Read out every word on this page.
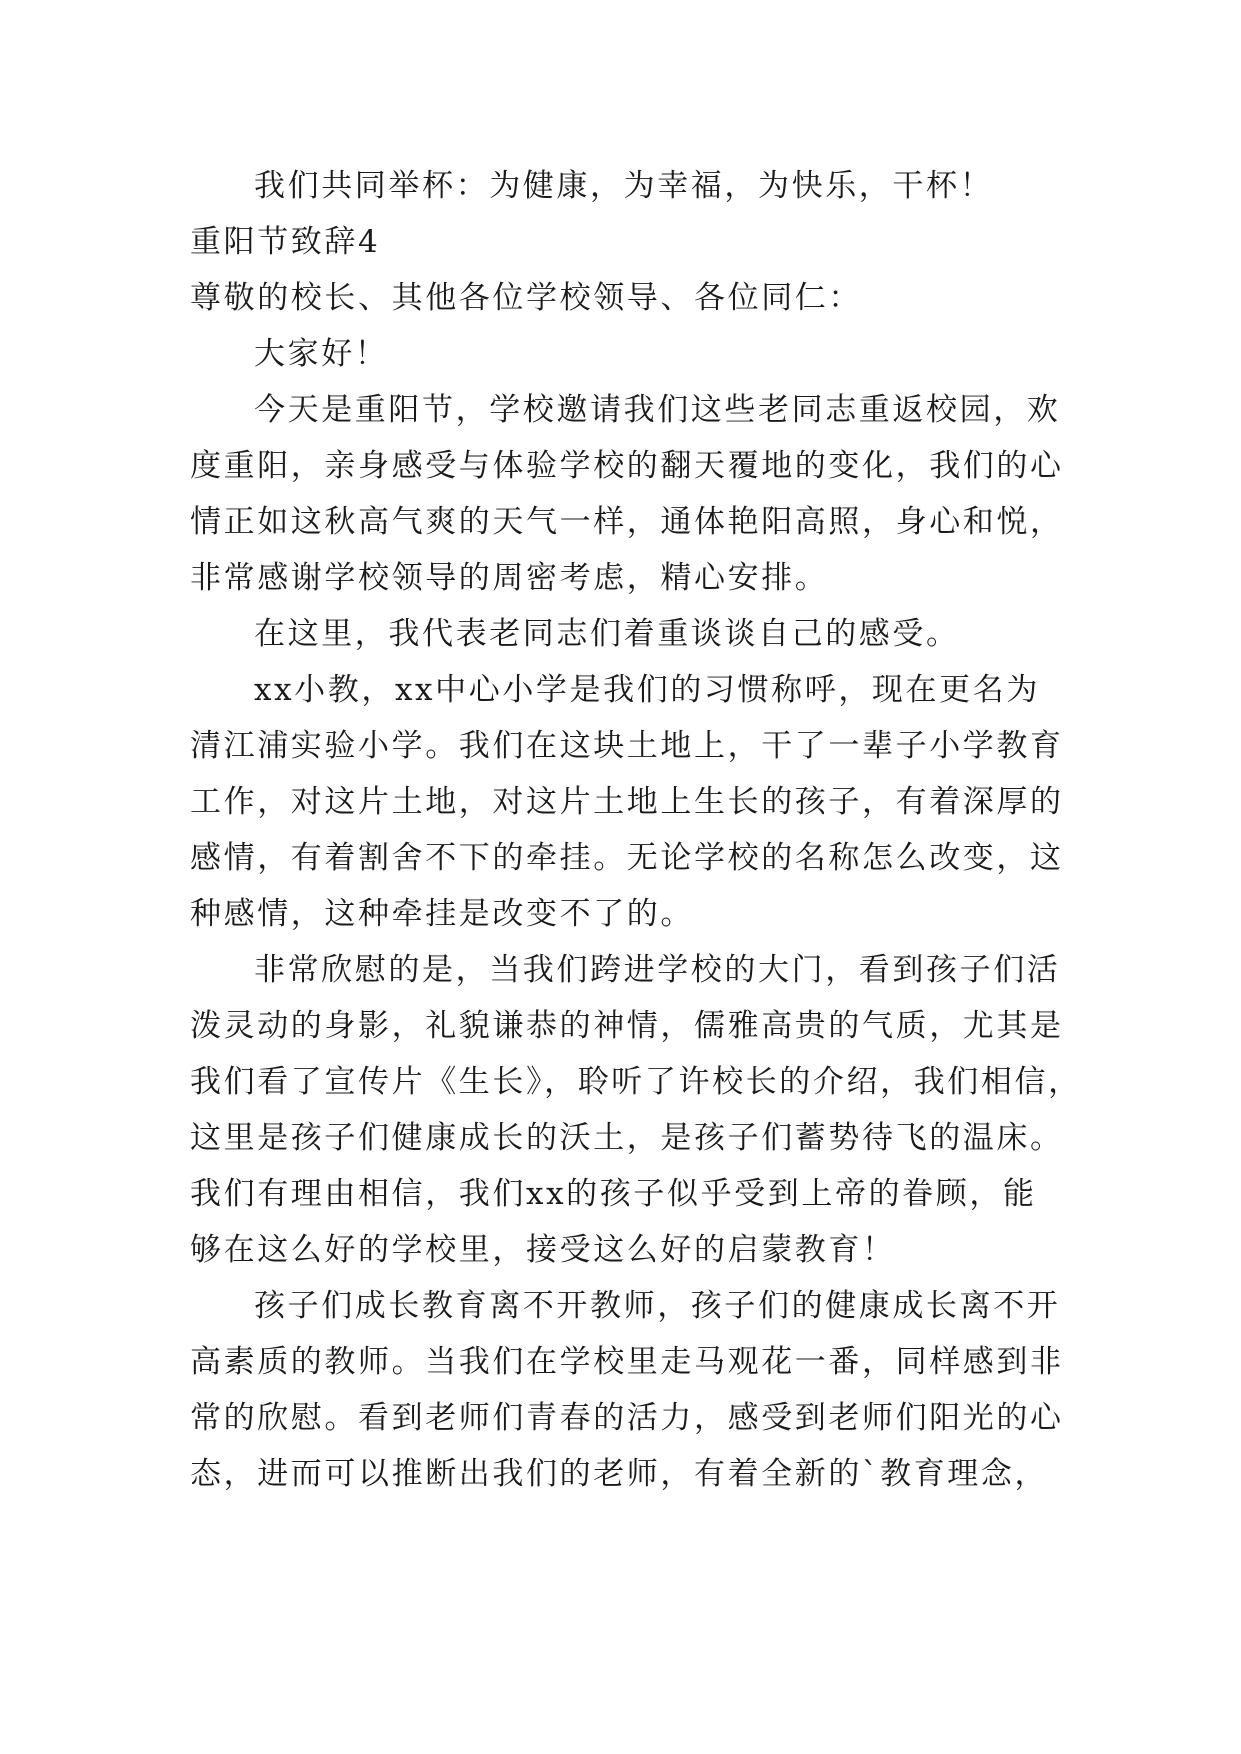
我们共同举杯：为健康，为幸福，为快乐，干杯！
重阳节致辞4
尊敬的校长、其他各位学校领导、各位同仁：
大家好！
今天是重阳节，学校邀请我们这些老同志重返校园，欢
度重阳，亲身感受与体验学校的翻天覆地的变化，我们的心
情正如这秋高气爽的天气一样，通体艳阳高照，身心和悦，
非常感谢学校领导的周密考虑，精心安排。
在这里，我代表老同志们着重谈谈自己的感受。
xx小教，xx中心小学是我们的习惯称呼，现在更名为
清江浦实验小学。我们在这块土地上，干了一辈子小学教育
工作，对这片土地，对这片土地上生长的孩子，有着深厚的
感情，有着割舍不下的牵挂。无论学校的名称怎么改变，这
种感情，这种牵挂是改变不了的。
非常欣慰的是，当我们跨进学校的大门，看到孩子们活
泼灵动的身影，礼貌谦恭的神情，儒雅高贵的气质，尤其是
我们看了宣传片《生长》，聆听了许校长的介绍，我们相信，
这里是孩子们健康成长的沃土，是孩子们蓄势待飞的温床。
我们有理由相信，我们xx的孩子似乎受到上帝的眷顾，能
够在这么好的学校里，接受这么好的启蒙教育！
孩子们成长教育离不开教师，孩子们的健康成长离不开
高素质的教师。当我们在学校里走马观花一番，同样感到非
常的欣慰。看到老师们青春的活力，感受到老师们阳光的心
态，进而可以推断出我们的老师，有着全新的`教育理念，
